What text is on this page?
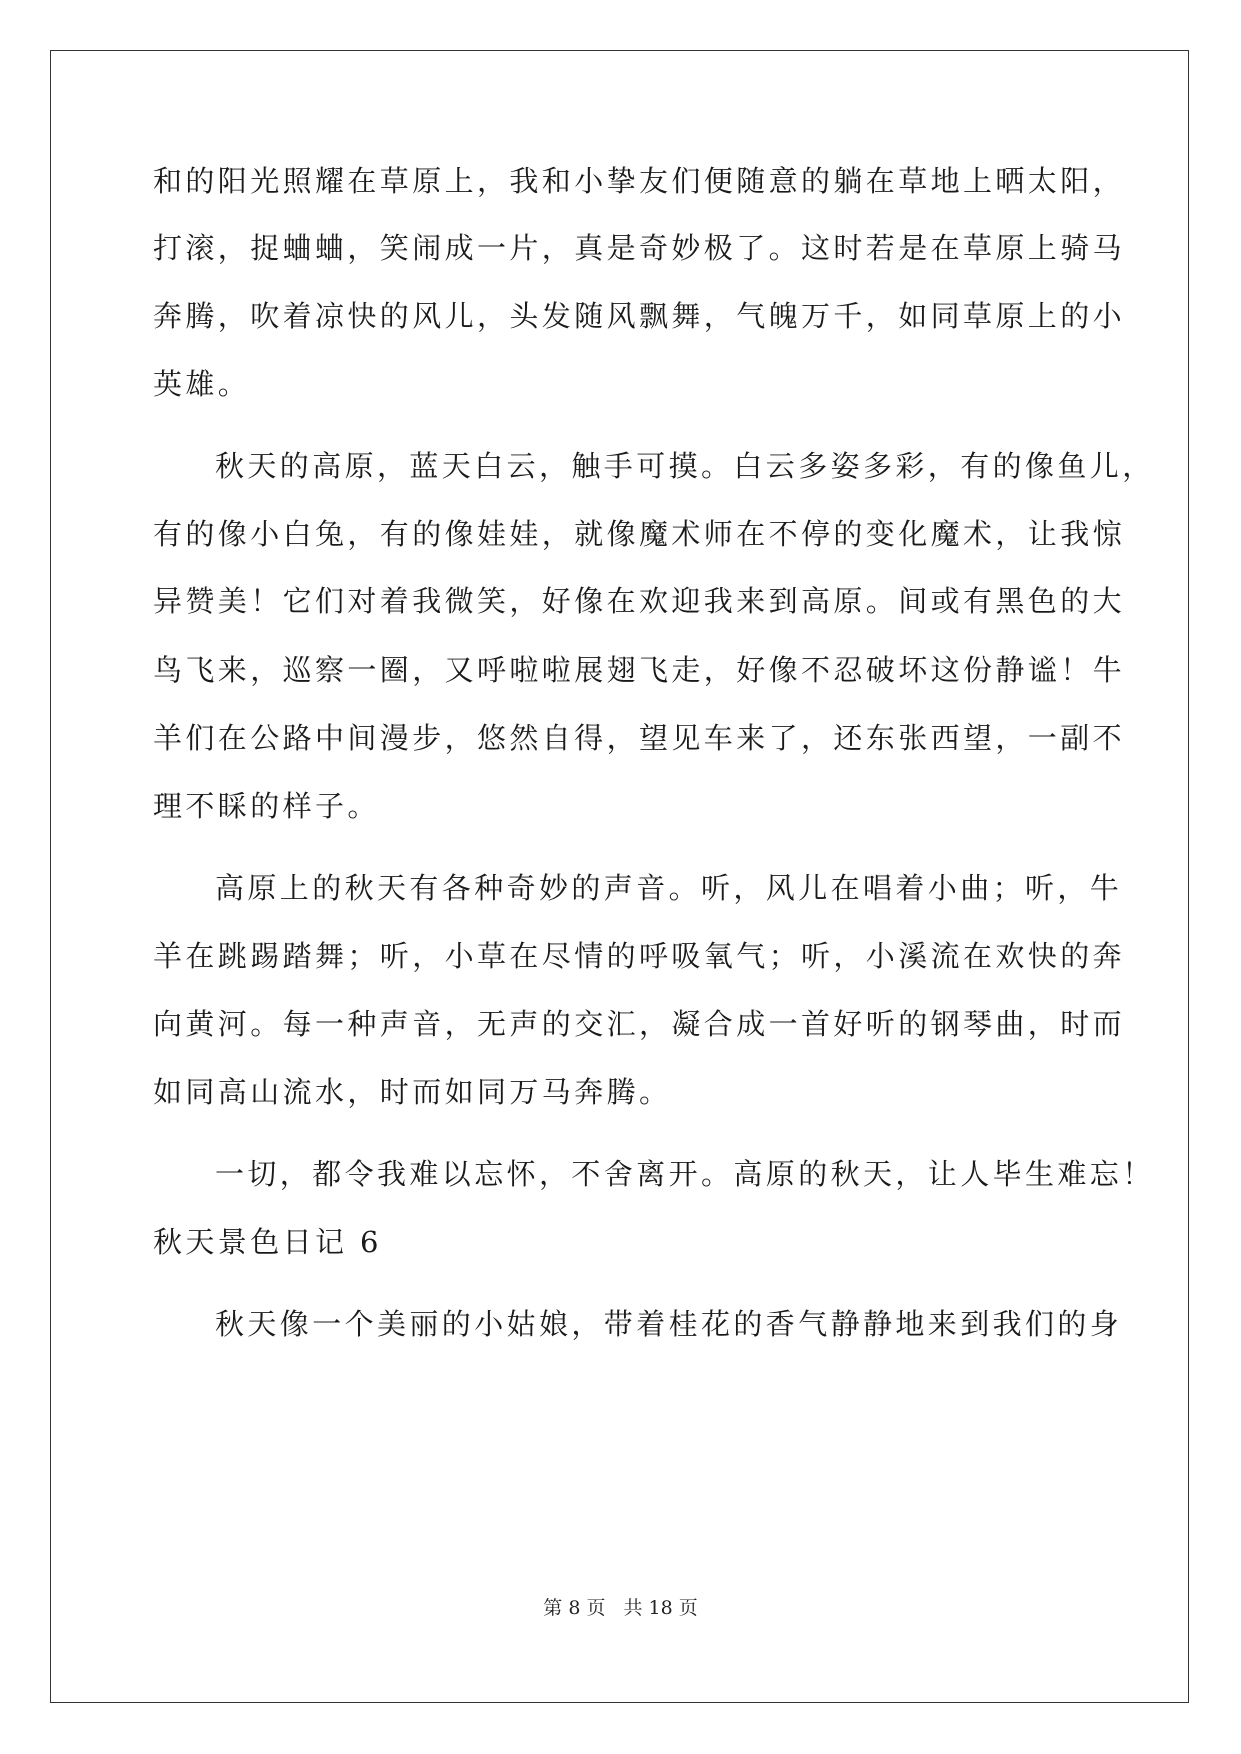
和的阳光照耀在草原上，我和小挚友们便随意的躺在草地上晒太阳，
打滚，捉蛐蛐，笑闹成一片，真是奇妙极了。这时若是在草原上骑马
奔腾，吹着凉快的风儿，头发随风飘舞，气魄万千，如同草原上的小
英雄。
秋天的高原，蓝天白云，触手可摸。白云多姿多彩，有的像鱼儿，
有的像小白兔，有的像娃娃，就像魔术师在不停的变化魔术，让我惊
异赞美！它们对着我微笑，好像在欢迎我来到高原。间或有黑色的大
鸟飞来，巡察一圈，又呼啦啦展翅飞走，好像不忍破坏这份静谧！牛
羊们在公路中间漫步，悠然自得，望见车来了，还东张西望，一副不
理不睬的样子。
高原上的秋天有各种奇妙的声音。听，风儿在唱着小曲；听，牛
羊在跳踢踏舞；听，小草在尽情的呼吸氧气；听，小溪流在欢快的奔
向黄河。每一种声音，无声的交汇，凝合成一首好听的钢琴曲，时而
如同高山流水，时而如同万马奔腾。
一切，都令我难以忘怀，不舍离开。高原的秋天，让人毕生难忘！
秋天景色日记 6
秋天像一个美丽的小姑娘，带着桂花的香气静静地来到我们的身
第 8 页 共 18 页
